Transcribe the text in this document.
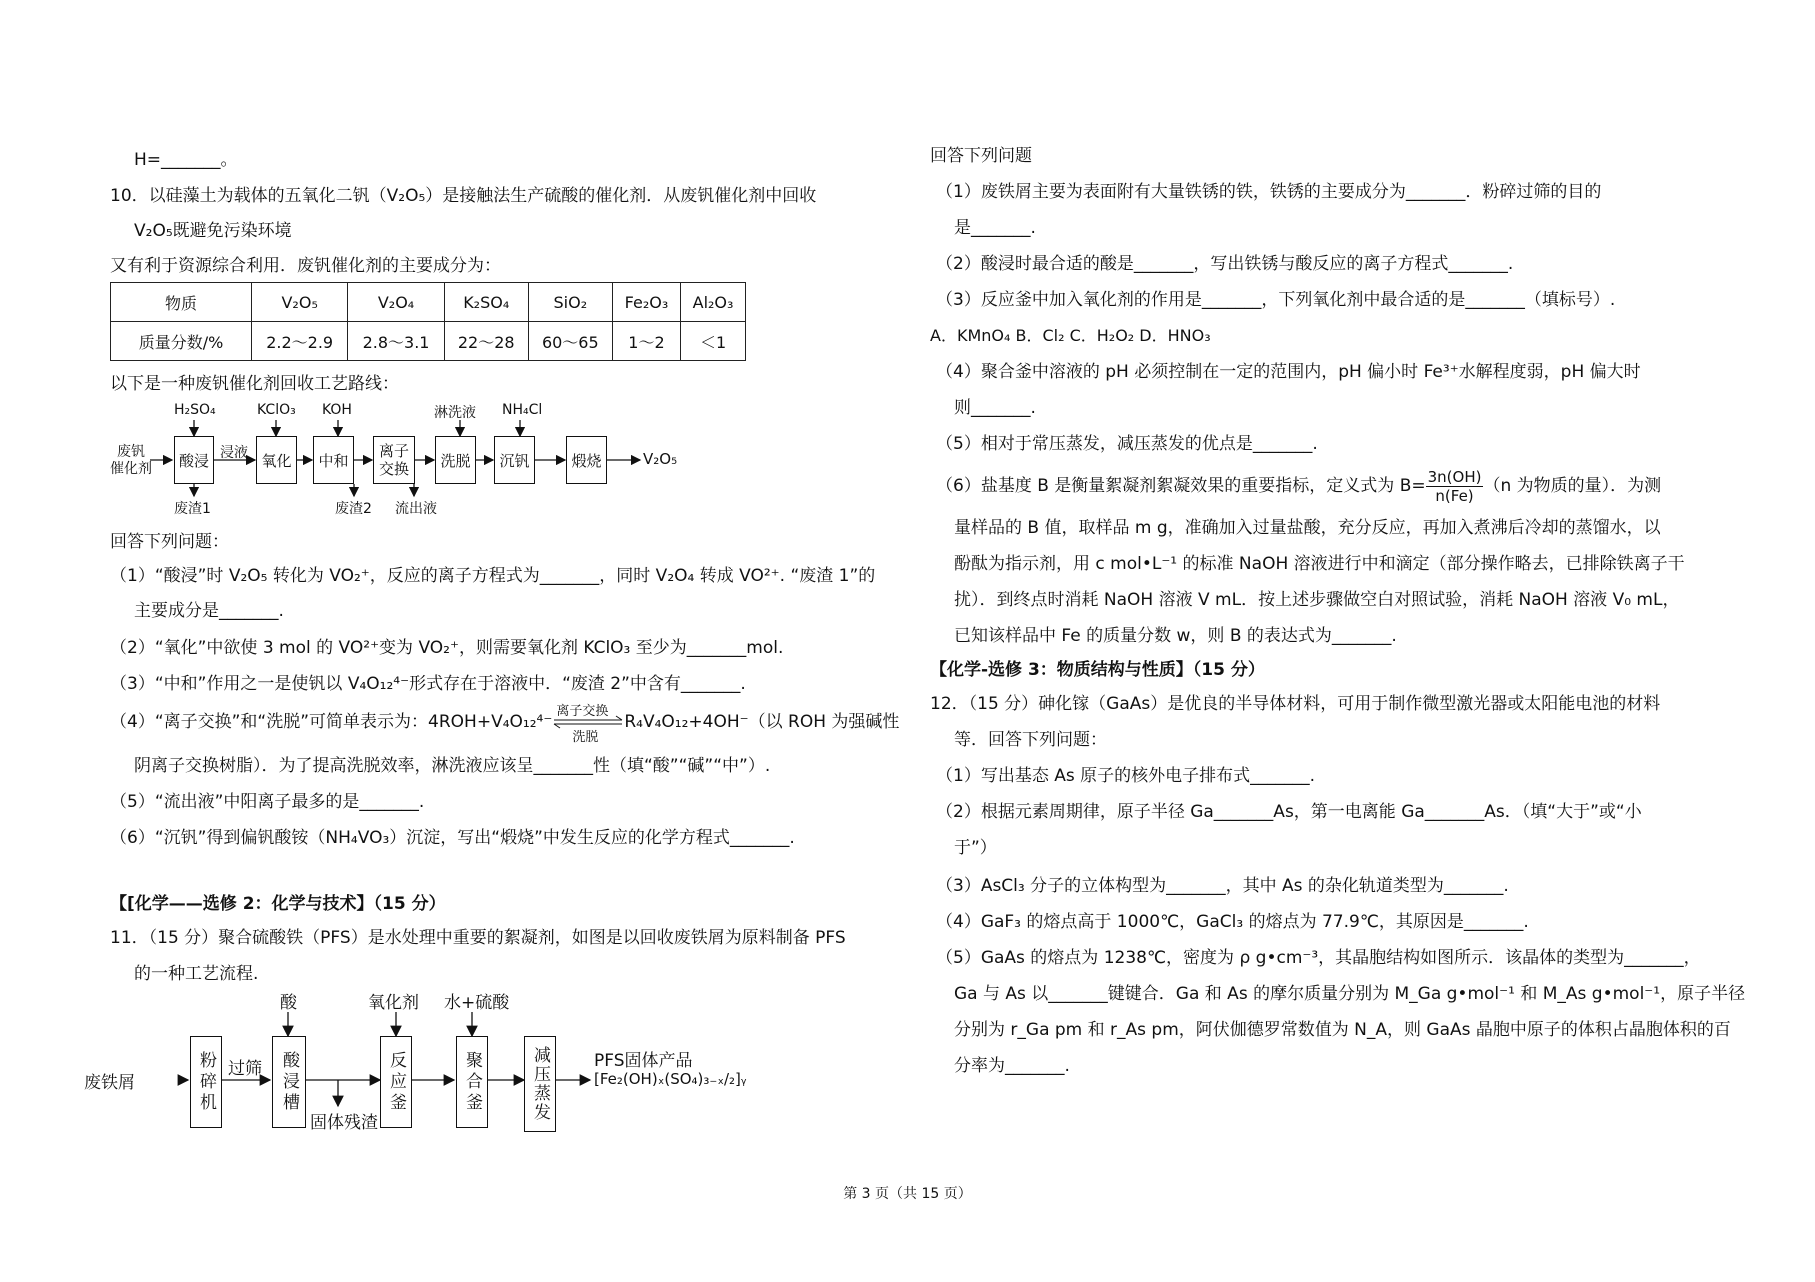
H=_______。
10．以硅藻土为载体的五氧化二钒（V₂O₅）是接触法生产硫酸的催化剂．从废钒催化剂中回收
V₂O₅既避免污染环境
又有利于资源综合利用．废钒催化剂的主要成分为：
物质	V₂O₅	V₂O₄	K₂SO₄	SiO₂	Fe₂O₃	Al₂O₃
质量分数/%	2.2～2.9	2.8～3.1	22～28	60～65	1～2	＜1
以下是一种废钒催化剂回收工艺路线：
废钒
催化剂	酸浸 浸液 氧化	中和
离子
交换	洗脱	沉钒	煅烧	V₂O₅
H₂SO₄	KClO₃ KOH	淋洗液 NH₄Cl
废渣1	废渣2 流出液
回答下列问题：
（1）“酸浸”时 V₂O₅ 转化为 VO₂⁺，反应的离子方程式为_______，同时 V₂O₄ 转成 VO²⁺. “废渣 1”的
主要成分是_______.
（2）“氧化”中欲使 3 mol 的 VO²⁺变为 VO₂⁺，则需要氧化剂 KClO₃ 至少为_______mol.
（3）“中和”作用之一是使钒以 V₄O₁₂⁴⁻形式存在于溶液中．“废渣 2”中含有_______.
（4）“离子交换”和“洗脱”可简单表示为：4ROH+V₄O₁₂⁴⁻
离子交换
洗脱
R₄V₄O₁₂+4OH⁻（以 ROH 为强碱性
阴离子交换树脂）．为了提高洗脱效率，淋洗液应该呈_______性（填“酸”“碱”“中”）.
（5）“流出液”中阳离子最多的是_______.
（6）“沉钒”得到偏钒酸铵（NH₄VO₃）沉淀，写出“煅烧”中发生反应的化学方程式_______.
【[化学——选修 2：化学与技术】（15 分）
11．（15 分）聚合硫酸铁（PFS）是水处理中重要的絮凝剂，如图是以回收废铁屑为原料制备 PFS
的一种工艺流程.
废铁屑	粉碎机 过筛	酸浸槽	反应釜	聚合釜	减压蒸发
酸	氧化剂 水+硫酸
固体残渣
PFS固体产品
[Fe₂(OH)ₓ(SO₄)₃₋ₓ/₂]ᵧ
回答下列问题
（1）废铁屑主要为表面附有大量铁锈的铁，铁锈的主要成分为_______．粉碎过筛的目的
是_______.
（2）酸浸时最合适的酸是_______，写出铁锈与酸反应的离子方程式_______.
（3）反应釜中加入氧化剂的作用是_______，下列氧化剂中最合适的是_______（填标号）.
A．KMnO₄ B．Cl₂ C．H₂O₂ D．HNO₃
（4）聚合釜中溶液的 pH 必须控制在一定的范围内，pH 偏小时 Fe³⁺水解程度弱，pH 偏大时
则_______.
（5）相对于常压蒸发，减压蒸发的优点是_______.
（6）盐基度 B 是衡量絮凝剂絮凝效果的重要指标，定义式为 $B= \frac{3n(OH)}{n(Fe)} (n$ 为物质的量）．为测
量样品的 B 值，取样品 m g，准确加入过量盐酸，充分反应，再加入煮沸后冷却的蒸馏水，以
酚酞为指示剂，用 c mol•L⁻¹ 的标准 NaOH 溶液进行中和滴定（部分操作略去，已排除铁离子干
扰）．到终点时消耗 NaOH 溶液 V mL．按上述步骤做空白对照试验，消耗 NaOH 溶液 V₀ mL，
已知该样品中 Fe 的质量分数 w，则 B 的表达式为_______.
【化学-选修 3：物质结构与性质】（15 分）
12．（15 分）砷化镓（GaAs）是优良的半导体材料，可用于制作微型激光器或太阳能电池的材料
等．回答下列问题：
（1）写出基态 As 原子的核外电子排布式_______.
（2）根据元素周期律，原子半径 Ga_______As，第一电离能 Ga_______As．（填“大于”或“小
于”）
（3）AsCl₃ 分子的立体构型为_______，其中 As 的杂化轨道类型为_______.
（4）GaF₃ 的熔点高于 1000℃，GaCl₃ 的熔点为 77.9℃，其原因是_______.
（5）GaAs 的熔点为 1238℃，密度为 ρ g•cm⁻³，其晶胞结构如图所示．该晶体的类型为_______，
Ga 与 As 以_______键键合．Ga 和 As 的摩尔质量分别为 M_Ga g•mol⁻¹ 和 M_As g•mol⁻¹，原子半径
分别为 r_Ga pm 和 r_As pm，阿伏伽德罗常数值为 N_A，则 GaAs 晶胞中原子的体积占晶胞体积的百
分率为_______.
第 3 页（共 15 页）
